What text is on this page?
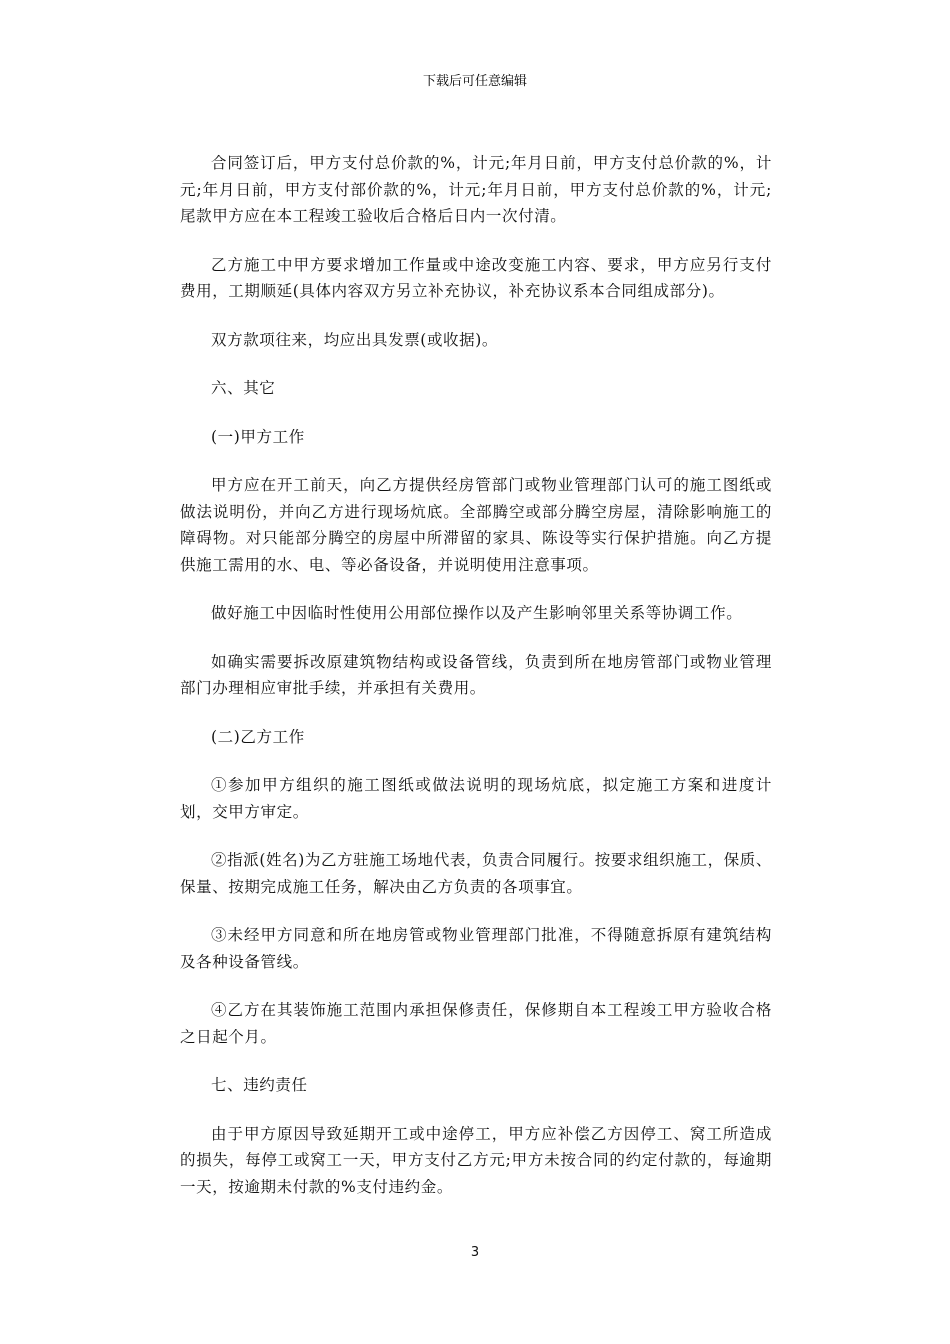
下载后可任意编辑

合同签订后，甲方支付总价款的%，计元;年月日前，甲方支付总价款的%，计元;年月日前，甲方支付部价款的%，计元;年月日前，甲方支付总价款的%，计元;尾款甲方应在本工程竣工验收后合格后日内一次付清。

乙方施工中甲方要求增加工作量或中途改变施工内容、要求，甲方应另行支付费用，工期顺延(具体内容双方另立补充协议，补充协议系本合同组成部分)。

双方款项往来，均应出具发票(或收据)。

六、其它

(一)甲方工作

甲方应在开工前天，向乙方提供经房管部门或物业管理部门认可的施工图纸或做法说明份，并向乙方进行现场炕底。全部腾空或部分腾空房屋，清除影响施工的障碍物。对只能部分腾空的房屋中所滞留的家具、陈设等实行保护措施。向乙方提供施工需用的水、电、等必备设备，并说明使用注意事项。

做好施工中因临时性使用公用部位操作以及产生影响邻里关系等协调工作。

如确实需要拆改原建筑物结构或设备管线，负责到所在地房管部门或物业管理部门办理相应审批手续，并承担有关费用。

(二)乙方工作

①参加甲方组织的施工图纸或做法说明的现场炕底，拟定施工方案和进度计划，交甲方审定。

②指派(姓名)为乙方驻施工场地代表，负责合同履行。按要求组织施工，保质、保量、按期完成施工任务，解决由乙方负责的各项事宜。

③未经甲方同意和所在地房管或物业管理部门批准，不得随意拆原有建筑结构及各种设备管线。

④乙方在其装饰施工范围内承担保修责任，保修期自本工程竣工甲方验收合格之日起个月。

七、违约责任

由于甲方原因导致延期开工或中途停工，甲方应补偿乙方因停工、窝工所造成的损失，每停工或窝工一天，甲方支付乙方元;甲方未按合同的约定付款的，每逾期一天，按逾期未付款的%支付违约金。

3
